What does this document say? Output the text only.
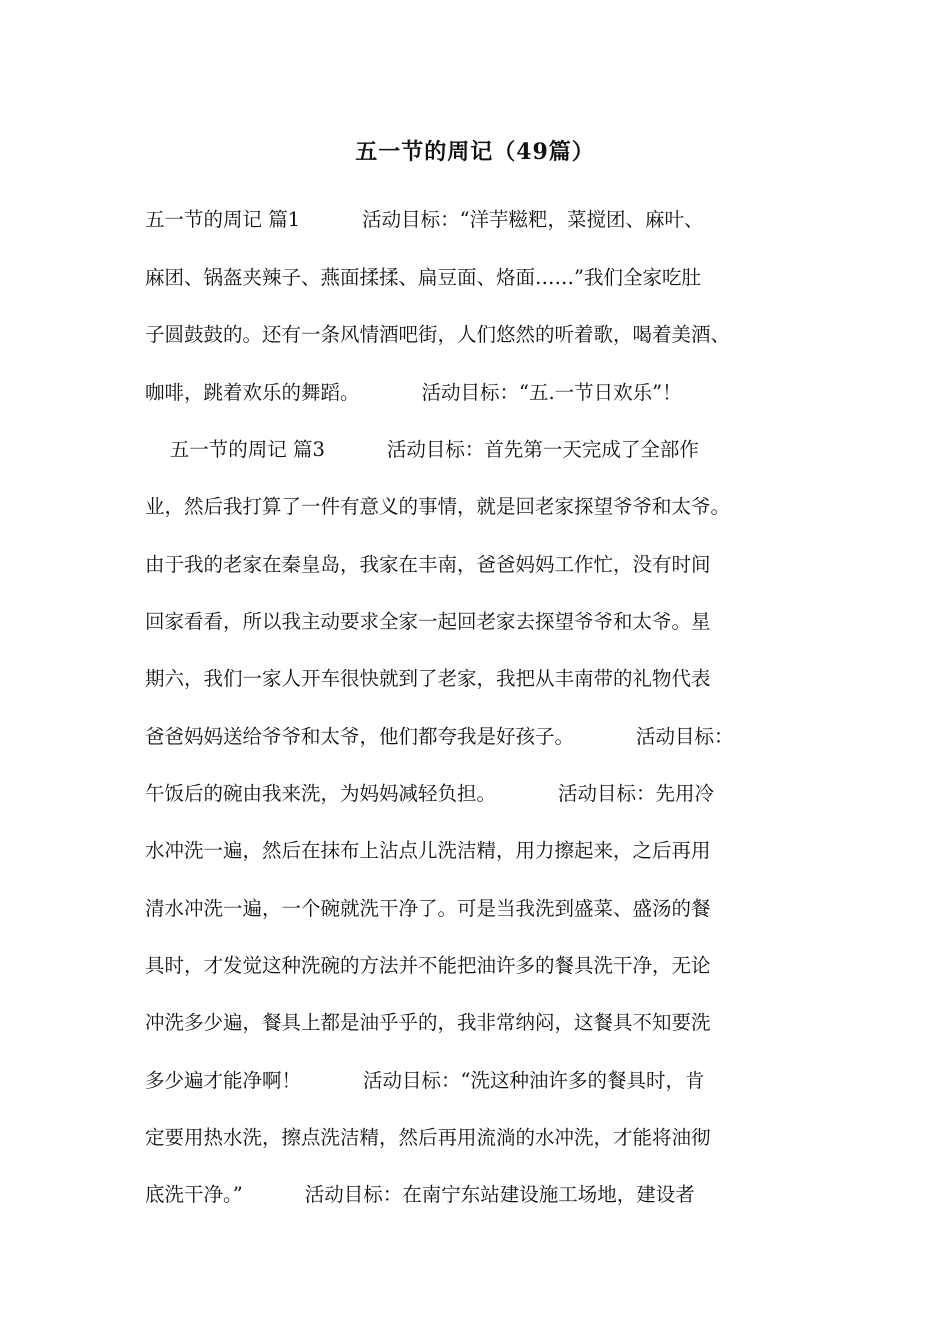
五一节的周记（49篇）

五一节的周记 篇1          活动目标：“洋芋糍粑，菜搅团、麻叶、

麻团、锅盔夹辣子、燕面揉揉、扁豆面、烙面……”我们全家吃肚

子圆鼓鼓的。还有一条风情酒吧街，人们悠然的听着歌，喝着美酒、

咖啡，跳着欢乐的舞蹈。          活动目标：“五.一节日欢乐”！

五一节的周记 篇3          活动目标：首先第一天完成了全部作

业，然后我打算了一件有意义的事情，就是回老家探望爷爷和太爷。

由于我的老家在秦皇岛，我家在丰南，爸爸妈妈工作忙，没有时间

回家看看，所以我主动要求全家一起回老家去探望爷爷和太爷。星

期六，我们一家人开车很快就到了老家，我把从丰南带的礼物代表

爸爸妈妈送给爷爷和太爷，他们都夸我是好孩子。          活动目标：

午饭后的碗由我来洗，为妈妈减轻负担。          活动目标：先用冷

水冲洗一遍，然后在抹布上沾点儿洗洁精，用力擦起来，之后再用

清水冲洗一遍，一个碗就洗干净了。可是当我洗到盛菜、盛汤的餐

具时，才发觉这种洗碗的方法并不能把油许多的餐具洗干净，无论

冲洗多少遍，餐具上都是油乎乎的，我非常纳闷，这餐具不知要洗

多少遍才能净啊！          活动目标：“洗这种油许多的餐具时，肯

定要用热水洗，擦点洗洁精，然后再用流淌的水冲洗，才能将油彻

底洗干净。”          活动目标：在南宁东站建设施工场地，建设者
